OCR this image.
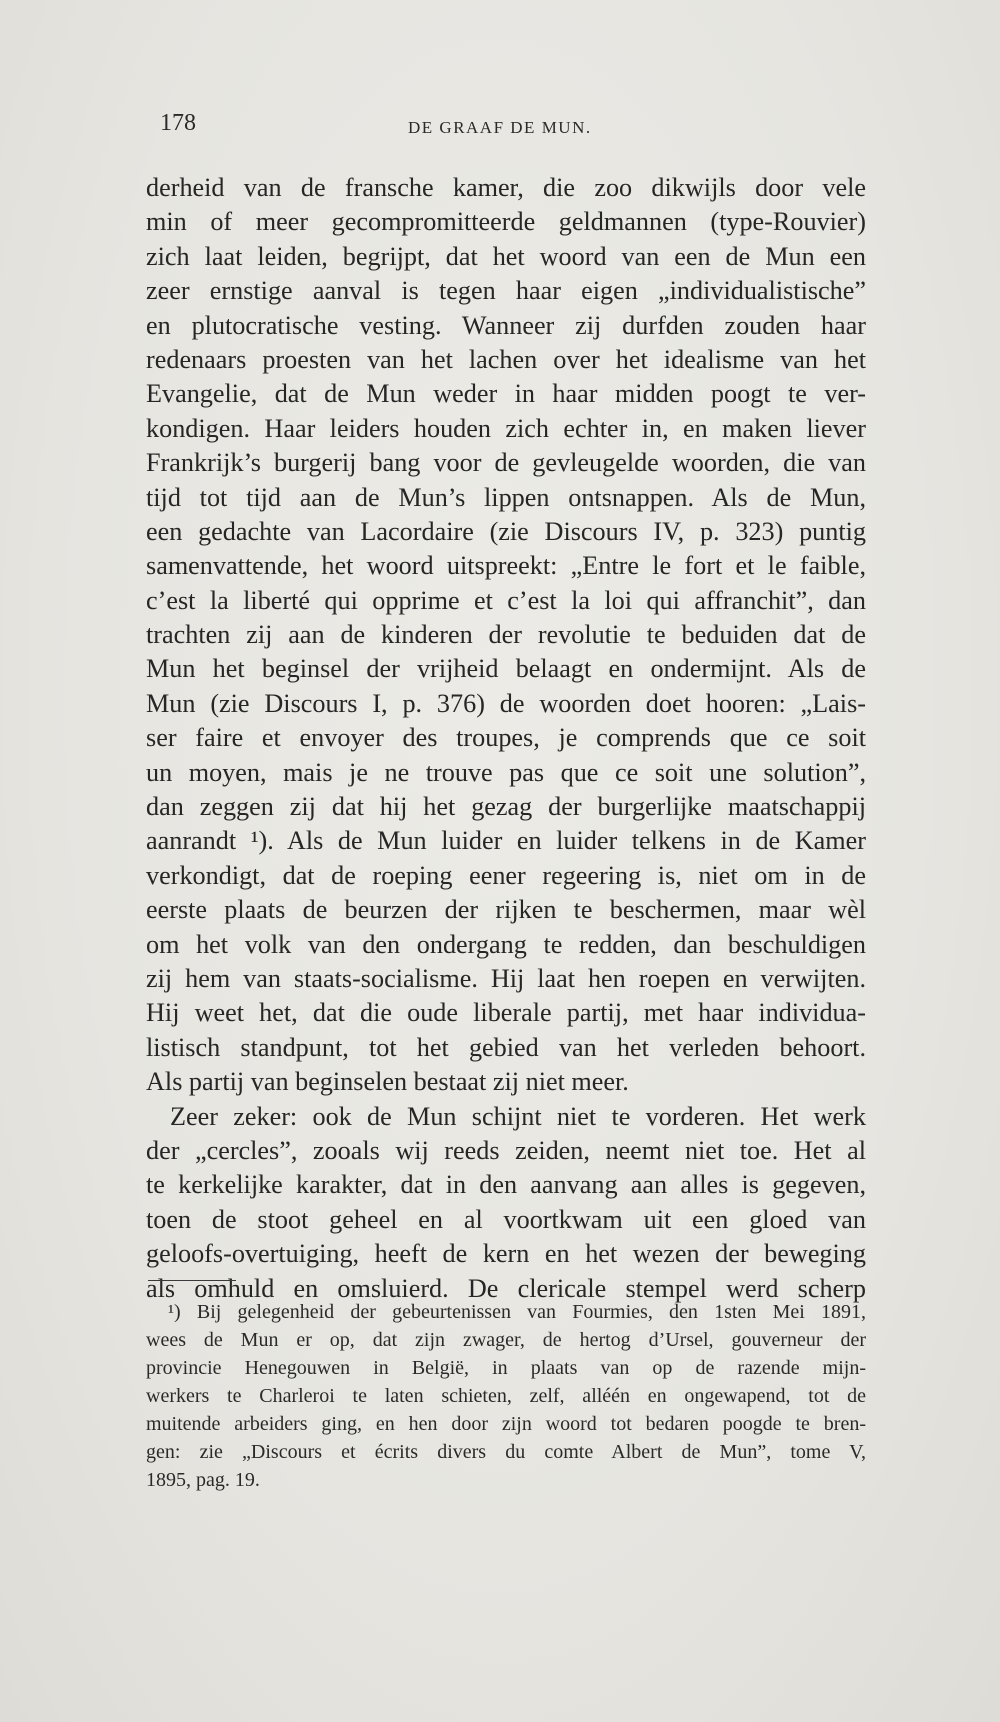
178	DE GRAAF DE MUN.
derheid van de fransche kamer, die zoo dikwijls door vele
min of meer gecompromitteerde geldmannen (type-Rouvier)
zich laat leiden, begrijpt, dat het woord van een de Mun een
zeer ernstige aanval is tegen haar eigen „individualistische”
en plutocratische vesting. Wanneer zij durfden zouden haar
redenaars proesten van het lachen over het idealisme van het
Evangelie, dat de Mun weder in haar midden poogt te ver-
kondigen. Haar leiders houden zich echter in, en maken liever
Frankrijk’s burgerij bang voor de gevleugelde woorden, die van
tijd tot tijd aan de Mun’s lippen ontsnappen. Als de Mun,
een gedachte van Lacordaire (zie Discours IV, p. 323) puntig
samenvattende, het woord uitspreekt: „Entre le fort et le faible,
c’est la liberté qui opprime et c’est la loi qui affranchit”, dan
trachten zij aan de kinderen der revolutie te beduiden dat de
Mun het beginsel der vrijheid belaagt en ondermijnt. Als de
Mun (zie Discours I, p. 376) de woorden doet hooren: „Lais-
ser faire et envoyer des troupes, je comprends que ce soit
un moyen, mais je ne trouve pas que ce soit une solution”,
dan zeggen zij dat hij het gezag der burgerlijke maatschappij
aanrandt ¹). Als de Mun luider en luider telkens in de Kamer
verkondigt, dat de roeping eener regeering is, niet om in de
eerste plaats de beurzen der rijken te beschermen, maar wèl
om het volk van den ondergang te redden, dan beschuldigen
zij hem van staats-socialisme. Hij laat hen roepen en verwijten.
Hij weet het, dat die oude liberale partij, met haar individua-
listisch standpunt, tot het gebied van het verleden behoort.
Als partij van beginselen bestaat zij niet meer.
Zeer zeker: ook de Mun schijnt niet te vorderen. Het werk
der „cercles”, zooals wij reeds zeiden, neemt niet toe. Het al
te kerkelijke karakter, dat in den aanvang aan alles is gegeven,
toen de stoot geheel en al voortkwam uit een gloed van
geloofs-overtuiging, heeft de kern en het wezen der beweging
als omhuld en omsluierd. De clericale stempel werd scherp
¹) Bij gelegenheid der gebeurtenissen van Fourmies, den 1sten Mei 1891,
wees de Mun er op, dat zijn zwager, de hertog d’Ursel, gouverneur der
provincie Henegouwen in België, in plaats van op de razende mijn-
werkers te Charleroi te laten schieten, zelf, alléén en ongewapend, tot de
muitende arbeiders ging, en hen door zijn woord tot bedaren poogde te bren-
gen: zie „Discours et écrits divers du comte Albert de Mun”, tome V,
1895, pag. 19.
